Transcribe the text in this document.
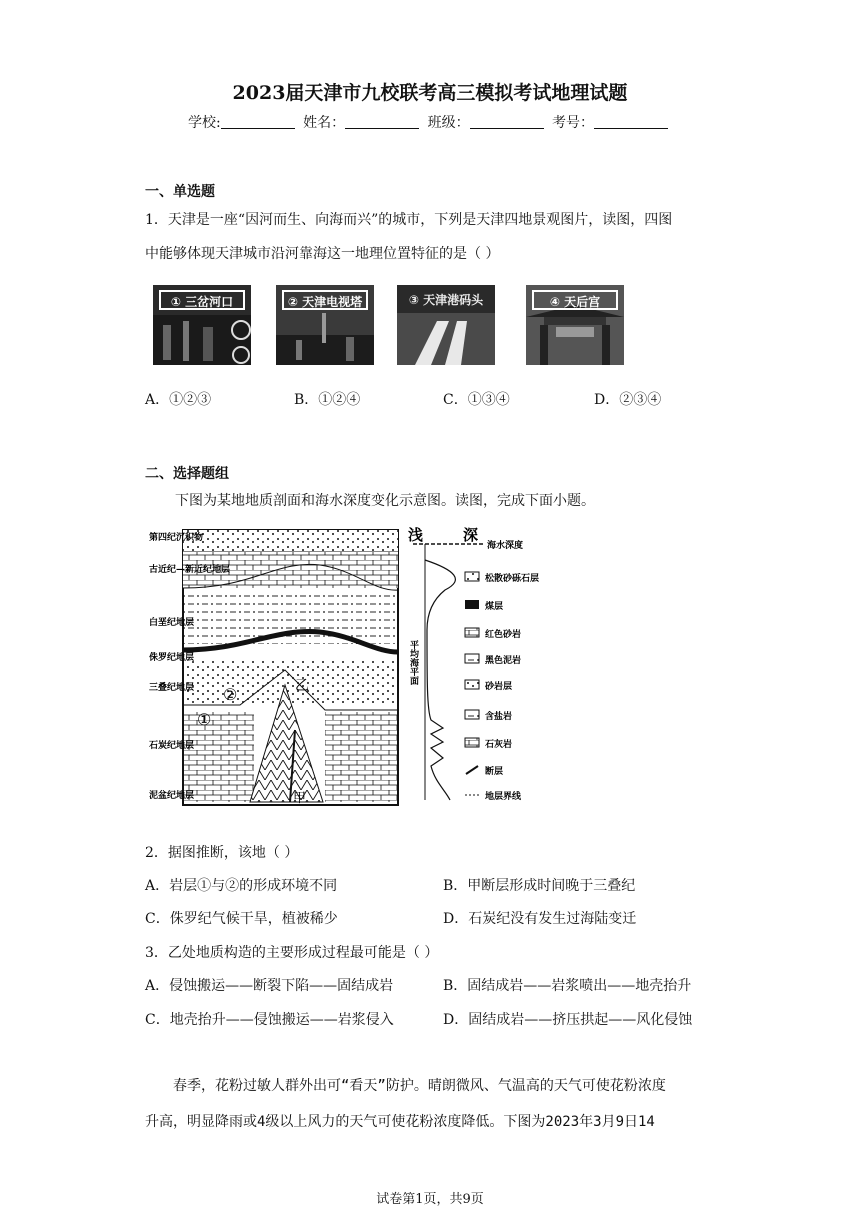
2023届天津市九校联考高三模拟考试地理试题
学校:	姓名：	班级：	考号：
一、单选题
1．天津是一座“因河而生、向海而兴”的城市，下列是天津四地景观图片，读图，四图
中能够体现天津城市沿河靠海这一地理位置特征的是（ ）
① 三岔河口	② 天津电视塔	③ 天津港码头	④ 天后宫
A．①②③	B．①②④	C．①③④	D．②③④
二、选择题组
下图为某地地质剖面和海水深度变化示意图。读图，完成下面小题。
②
①
乙
甲
第四纪沉积物
古近纪—新近纪地层
白垩纪地层
侏罗纪地层
三叠纪地层
石炭纪地层
泥盆纪地层
浅	深
海水深度
平均海平面
松散砂砾石层
煤层
红色砂岩
黑色泥岩
砂岩层
含盐岩
石灰岩
断层
地层界线
2．据图推断，该地（ ）
A．岩层①与②的形成环境不同	B．甲断层形成时间晚于三叠纪
C．侏罗纪气候干旱，植被稀少	D．石炭纪没有发生过海陆变迁
3．乙处地质构造的主要形成过程最可能是（ ）
A．侵蚀搬运——断裂下陷——固结成岩	B．固结成岩——岩浆喷出——地壳抬升
C．地壳抬升——侵蚀搬运——岩浆侵入	D．固结成岩——挤压拱起——风化侵蚀
春季，花粉过敏人群外出可“看天”防护。晴朗微风、气温高的天气可使花粉浓度
升高，明显降雨或4级以上风力的天气可使花粉浓度降低。下图为2023年3月9日14
试卷第1页，共9页
